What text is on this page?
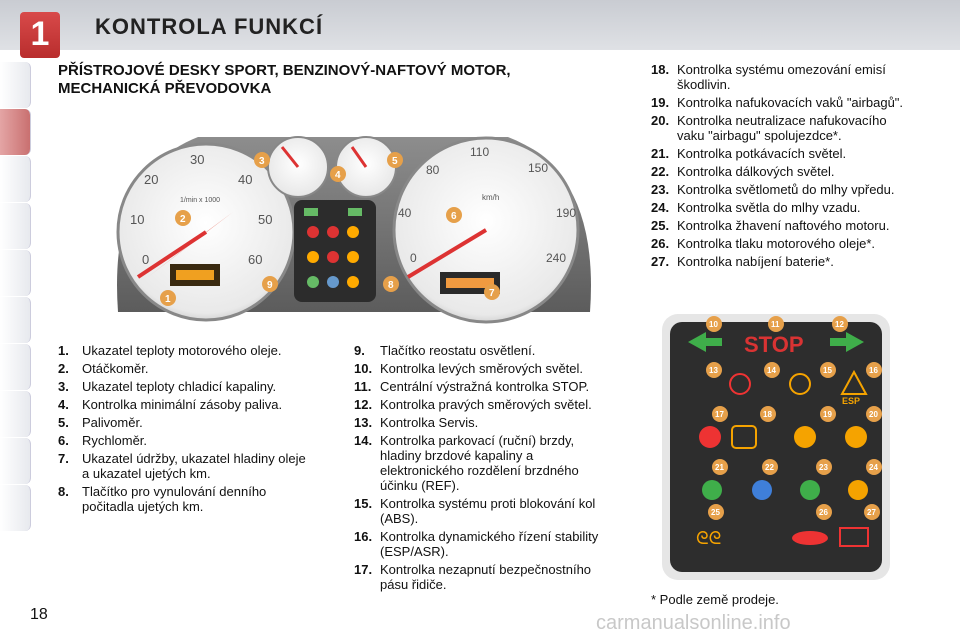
1	KONTROLA FUNKCÍ
PŘÍSTROJOVÉ DESKY SPORT, BENZINOVÝ-NAFTOVÝ MOTOR, MECHANICKÁ PŘEVODOVKA
0
10
20
30
40
50
60
1/min x 1000
0
40
80
110
150
190
240
km/h
1
2
3
4
5
6
7
8
9
1.	Ukazatel teploty motorového oleje.
2.	Otáčkoměr.
3.	Ukazatel teploty chladicí kapaliny.
4.	Kontrolka minimální zásoby paliva.
5.	Palivoměr.
6.	Rychloměr.
7.	Ukazatel údržby, ukazatel hladiny oleje a ukazatel ujetých km.
8.	Tlačítko pro vynulování denního počitadla ujetých km.
9.	Tlačítko reostatu osvětlení.
10. Kontrolka levých směrových světel.
11. Centrální výstražná kontrolka STOP.
12. Kontrolka pravých směrových světel.
13. Kontrolka Servis.
14. Kontrolka parkovací (ruční) brzdy, hladiny brzdové kapaliny a elektronického rozdělení brzdného účinku (REF).
15. Kontrolka systému proti blokování kol (ABS).
16. Kontrolka dynamického řízení stability (ESP/ASR).
17. Kontrolka nezapnutí bezpečnostního pásu řidiče.
18. Kontrolka systému omezování emisí škodlivin.
19. Kontrolka nafukovacích vaků "airbagů".
20. Kontrolka neutralizace nafukovacího vaku "airbagu" spolujezdce*.
21. Kontrolka potkávacích světel.
22. Kontrolka dálkových světel.
23. Kontrolka světlometů do mlhy vpředu.
24. Kontrolka světla do mlhy vzadu.
25. Kontrolka žhavení naftového motoru.
26. Kontrolka tlaku motorového oleje*.
27. Kontrolka nabíjení baterie*.
STOP
ESP
ᘓᘓ
10	11	12
13	14	15	16
17	18	19	20
21	22	23	24
25	26	27
* Podle země prodeje.
18	carmanualsonline.info
